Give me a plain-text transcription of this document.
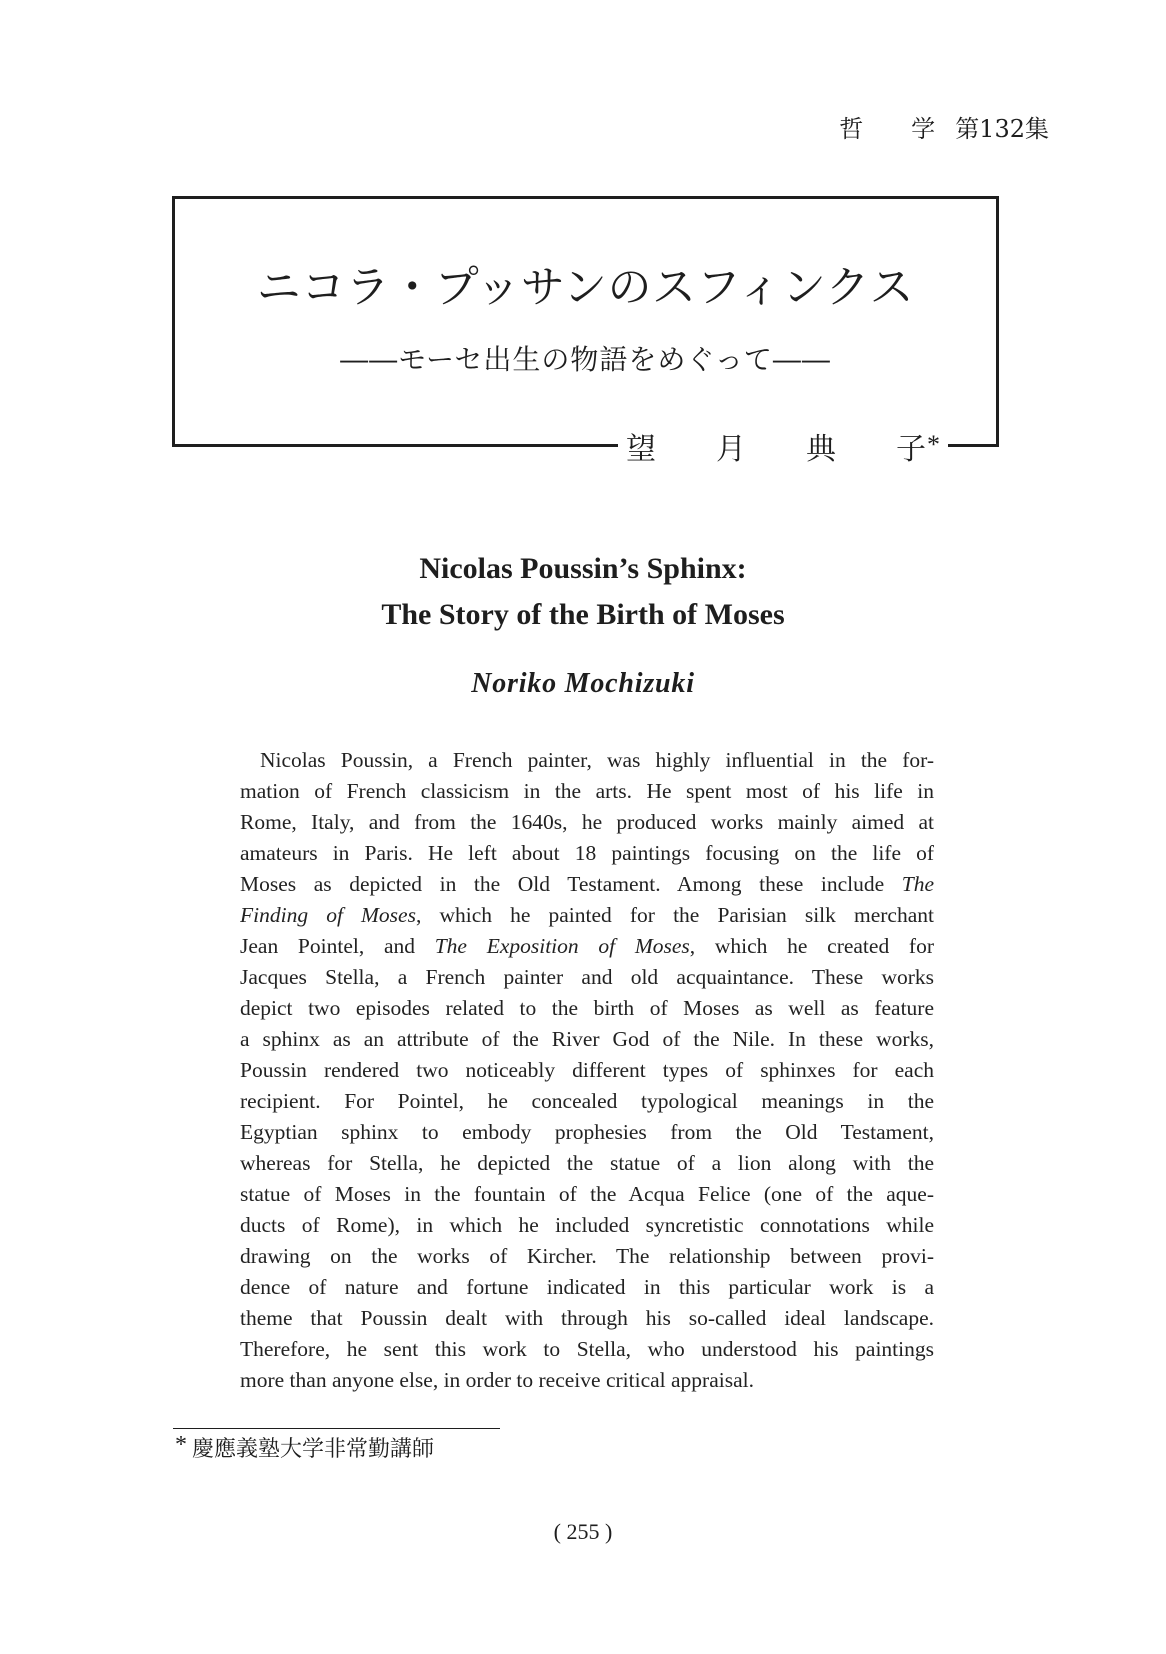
哲　　学 第132集
ニコラ・プッサンのスフィンクス
――モーセ出生の物語をめぐって――
望　　月　　典　　子*
Nicolas Poussin’s Sphinx:
The Story of the Birth of Moses
Noriko Mochizuki
Nicolas Poussin, a French painter, was highly influential in the for-
mation of French classicism in the arts. He spent most of his life in
Rome, Italy, and from the 1640s, he produced works mainly aimed at
amateurs in Paris. He left about 18 paintings focusing on the life of
Moses as depicted in the Old Testament. Among these include The
Finding of Moses, which he painted for the Parisian silk merchant
Jean Pointel, and The Exposition of Moses, which he created for
Jacques Stella, a French painter and old acquaintance. These works
depict two episodes related to the birth of Moses as well as feature
a sphinx as an attribute of the River God of the Nile. In these works,
Poussin rendered two noticeably different types of sphinxes for each
recipient. For Pointel, he concealed typological meanings in the
Egyptian sphinx to embody prophesies from the Old Testament,
whereas for Stella, he depicted the statue of a lion along with the
statue of Moses in the fountain of the Acqua Felice (one of the aque-
ducts of Rome), in which he included syncretistic connotations while
drawing on the works of Kircher. The relationship between provi-
dence of nature and fortune indicated in this particular work is a
theme that Poussin dealt with through his so-called ideal landscape.
Therefore, he sent this work to Stella, who understood his paintings
more than anyone else, in order to receive critical appraisal.
* 慶應義塾大学非常勤講師
( 255 )
